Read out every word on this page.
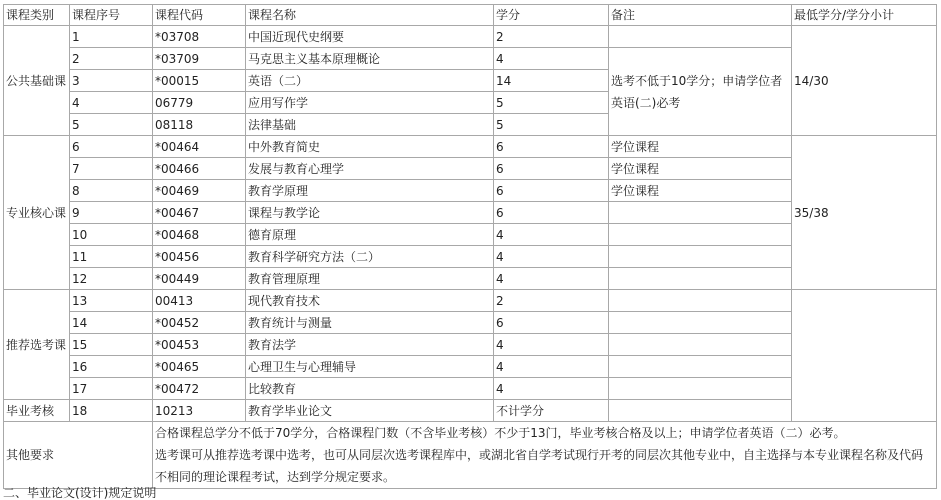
课程类别	课程序号	课程代码	课程名称	学分	备注	最低学分/学分小计
公共基础课	1	*03708	中国近现代史纲要	2		14/30
	2	*03709	马克思主义基本原理概论	4	选考不低于10学分；申请学位者英语(二)必考	
	3	*00015	英语（二）	14		
	4	06779	应用写作学	5		
	5	08118	法律基础	5		
专业核心课	6	*00464	中外教育简史	6	学位课程	35/38
	7	*00466	发展与教育心理学	6	学位课程	
	8	*00469	教育学原理	6	学位课程	
	9	*00467	课程与教学论	6		
	10	*00468	德育原理	4		
	11	*00456	教育科学研究方法（二）	4		
	12	*00449	教育管理原理	4		
推荐选考课	13	00413	现代教育技术	2		
	14	*00452	教育统计与测量	6		
	15	*00453	教育法学	4		
	16	*00465	心理卫生与心理辅导	4		
	17	*00472	比较教育	4		
毕业考核	18	10213	教育学毕业论文	不计学分		
其他要求		合格课程总学分不低于70学分，合格课程门数（不含毕业考核）不少于13门，毕业考核合格及以上；申请学位者英语（二）必考。
选考课可从推荐选考课中选考，也可从同层次选考课程库中，或湖北省自学考试现行开考的同层次其他专业中，自主选择与本专业课程名称及代码不相同的理论课程考试，达到学分规定要求。				
二、毕业论文(设计)规定说明
